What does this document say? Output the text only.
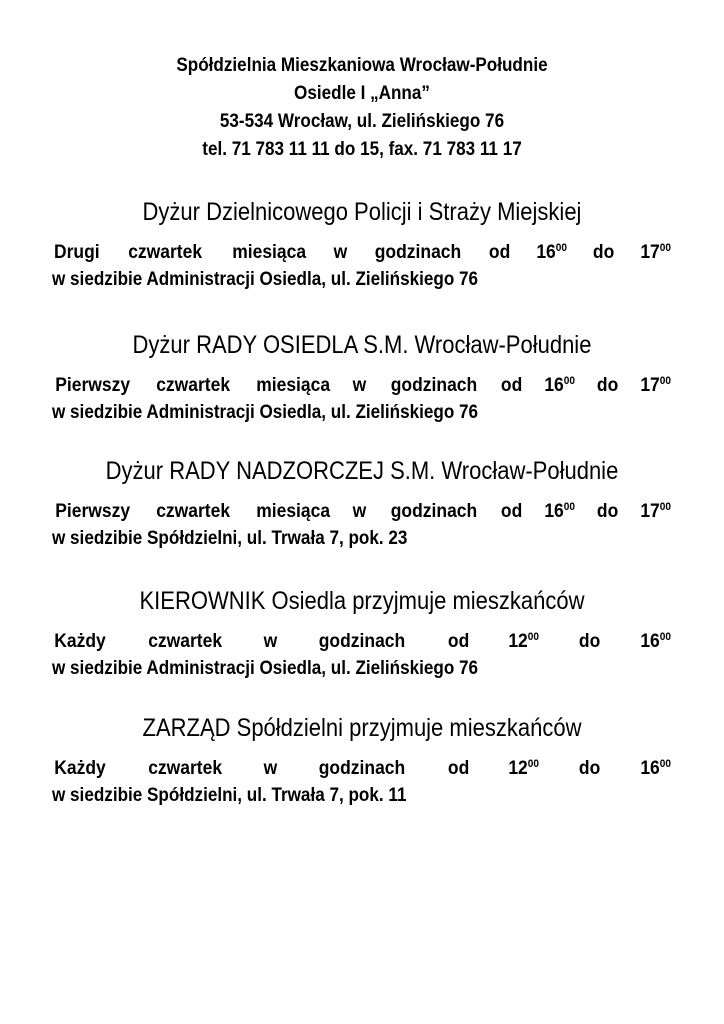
Spółdzielnia Mieszkaniowa Wrocław-Południe
Osiedle I „Anna”
53-534 Wrocław, ul. Zielińskiego 76
tel. 71 783 11 11 do 15, fax. 71 783 11 17
Dyżur Dzielnicowego Policji i Straży Miejskiej
Drugi czwartek miesiąca w godzinach od $16^{00}$ do $17^{00}$
w siedzibie Administracji Osiedla, ul. Zielińskiego 76
Dyżur RADY OSIEDLA S.M. Wrocław-Południe
Pierwszy czwartek miesiąca w godzinach od $16^{00}$ do $17^{00}$
w siedzibie Administracji Osiedla, ul. Zielińskiego 76
Dyżur RADY NADZORCZEJ S.M. Wrocław-Południe
Pierwszy czwartek miesiąca w godzinach od $16^{00}$ do $17^{00}$
w siedzibie Spółdzielni, ul. Trwała 7, pok. 23
KIEROWNIK Osiedla przyjmuje mieszkańców
Każdy czwartek w godzinach od $12^{00}$ do $16^{00}$
w siedzibie Administracji Osiedla, ul. Zielińskiego 76
ZARZĄD Spółdzielni przyjmuje mieszkańców
Każdy czwartek w godzinach od $12^{00}$ do $16^{00}$
w siedzibie Spółdzielni, ul. Trwała 7, pok. 11
